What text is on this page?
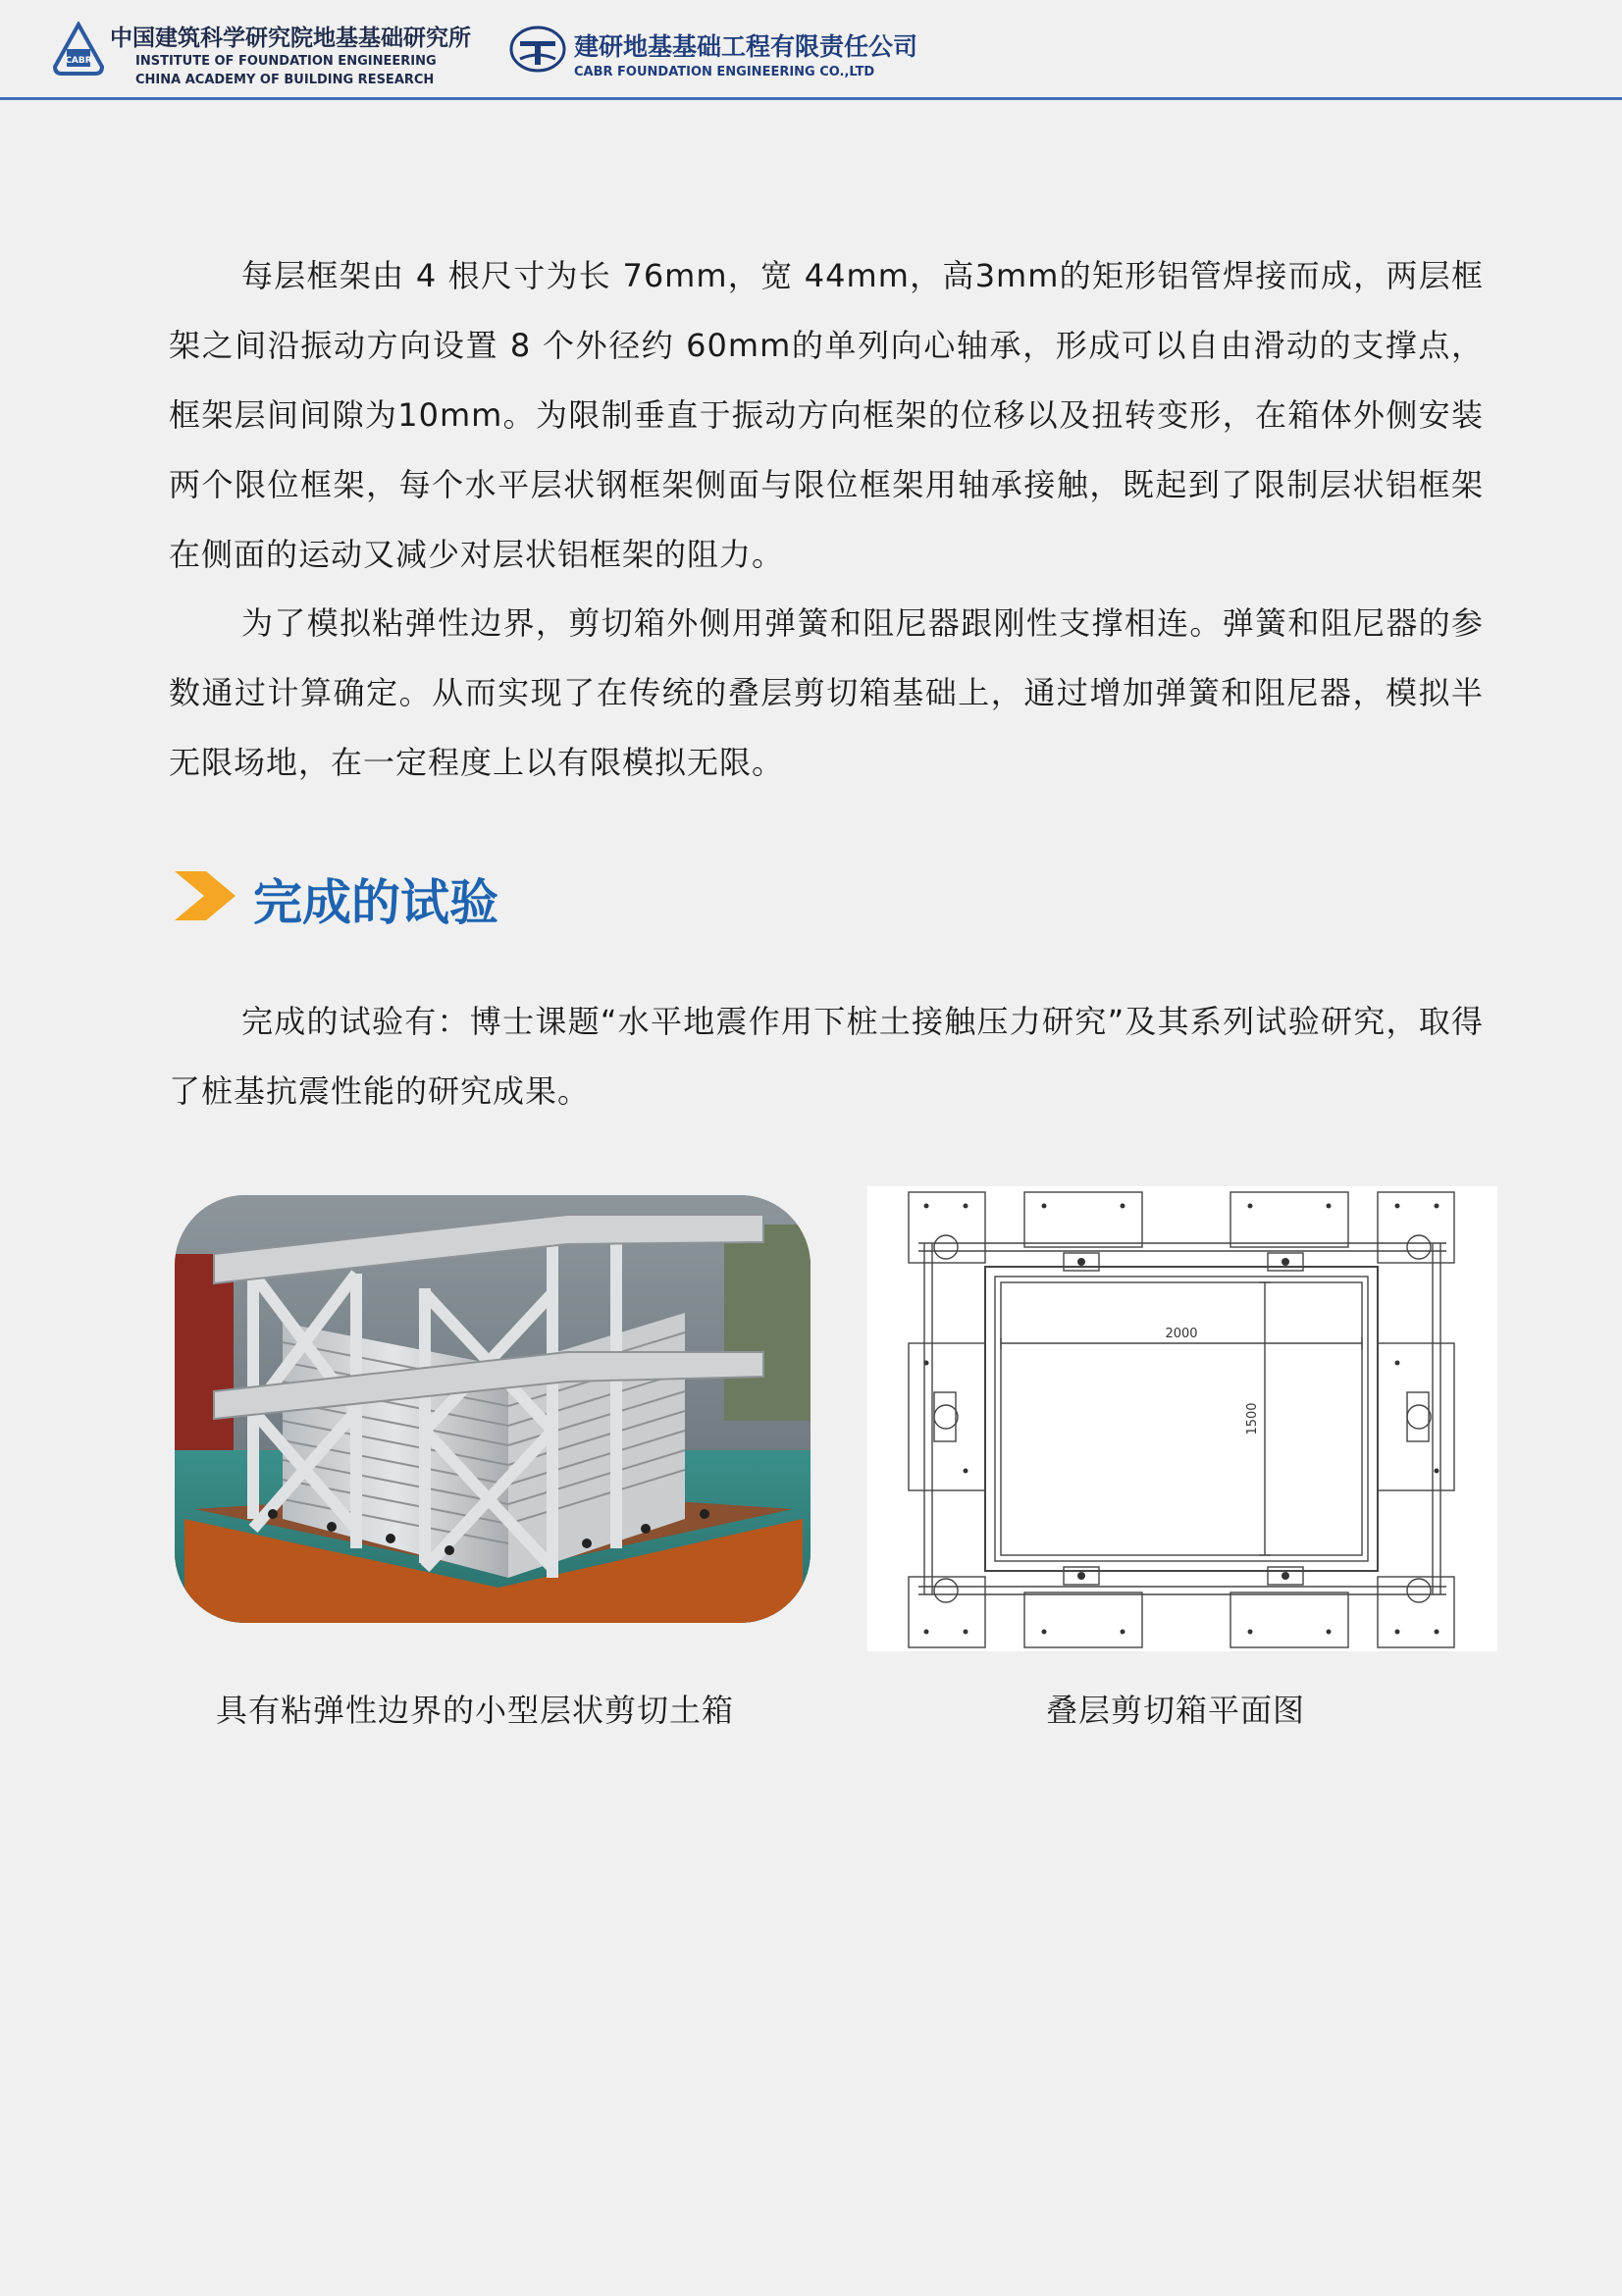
CABR
中国建筑科学研究院地基基础研究所
INSTITUTE OF FOUNDATION ENGINEERING
CHINA ACADEMY OF BUILDING RESEARCH
建研地基基础工程有限责任公司
CABR FOUNDATION ENGINEERING CO.,LTD

每层框架由 4 根尺寸为长 76mm，宽 44mm，高3mm的矩形铝管焊接而成，两层框架之间沿振动方向设置 8 个外径约 60mm的单列向心轴承，形成可以自由滑动的支撑点，框架层间间隙为10mm。为限制垂直于振动方向框架的位移以及扭转变形，在箱体外侧安装两个限位框架，每个水平层状钢框架侧面与限位框架用轴承接触，既起到了限制层状铝框架在侧面的运动又减少对层状铝框架的阻力。

为了模拟粘弹性边界，剪切箱外侧用弹簧和阻尼器跟刚性支撑相连。弹簧和阻尼器的参数通过计算确定。从而实现了在传统的叠层剪切箱基础上，通过增加弹簧和阻尼器，模拟半无限场地，在一定程度上以有限模拟无限。

完成的试验

完成的试验有：博士课题“水平地震作用下桩土接触压力研究”及其系列试验研究，取得了桩基抗震性能的研究成果。

2000
1500
具有粘弹性边界的小型层状剪切土箱	叠层剪切箱平面图
